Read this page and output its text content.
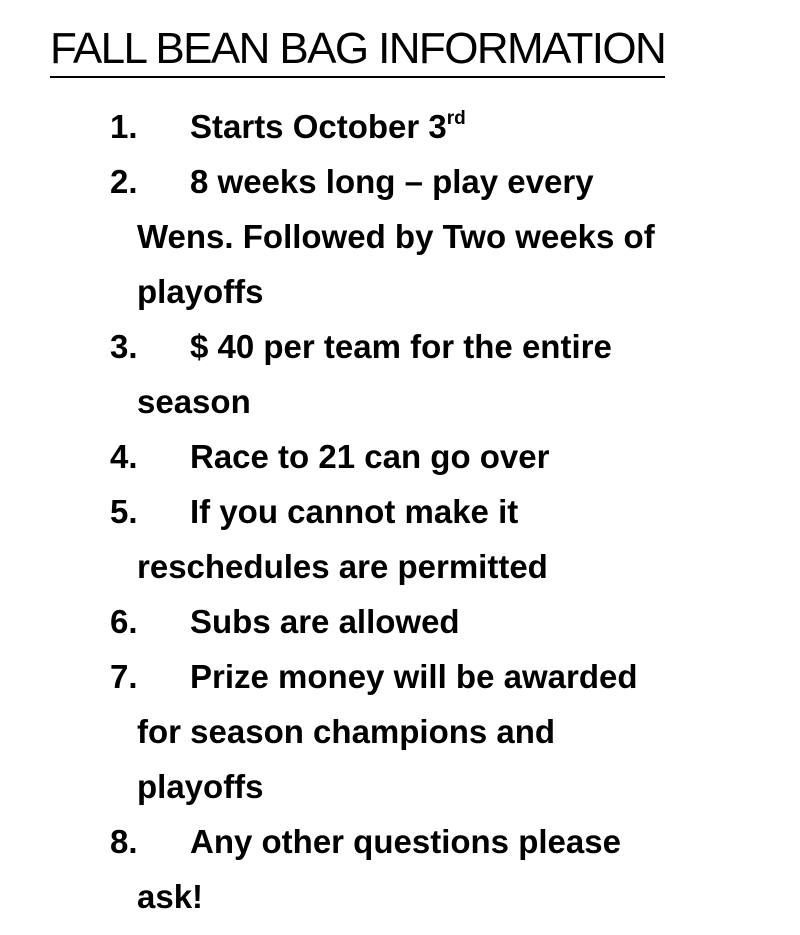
FALL BEAN BAG INFORMATION
1. Starts October 3rd
2. 8 weeks long – play every
Wens. Followed by Two weeks of
playoffs
3. $ 40 per team for the entire
season
4. Race to 21 can go over
5. If you cannot make it
reschedules are permitted
6. Subs are allowed
7. Prize money will be awarded
for season champions and
playoffs
8. Any other questions please
ask!
